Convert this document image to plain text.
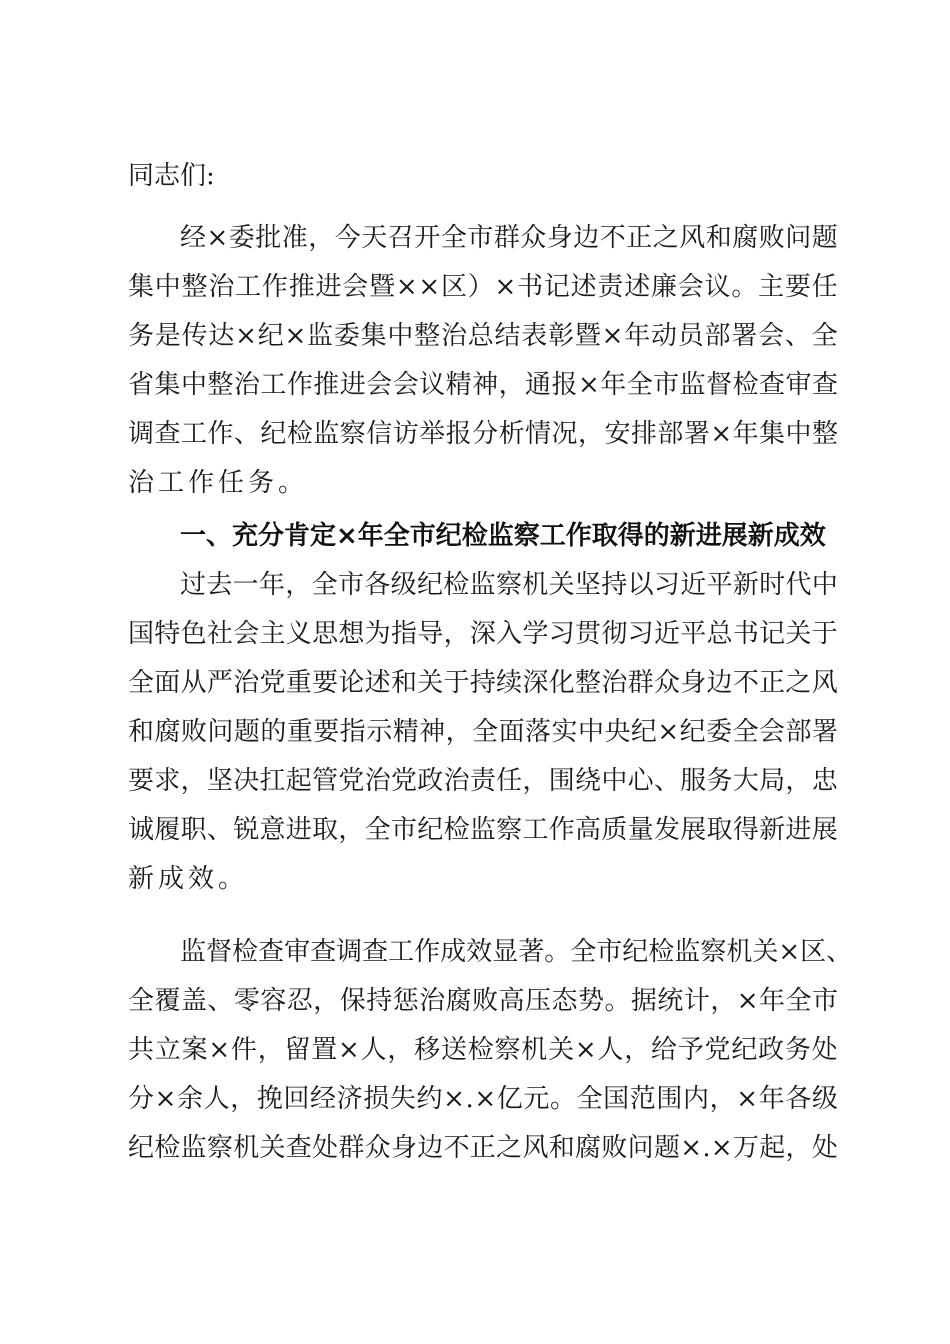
同志们:
经 × 委 批 准 ， 今 天 召 开 全 市 群 众 身 边 不 正 之 风 和 腐 败 问 题
集 中 整 治 工 作 推 进 会 暨 × × 区 ） × 书 记 述 责 述 廉 会 议 。 主 要 任
务 是 传 达 × 纪 × 监 委 集 中 整 治 总 结 表 彰 暨 × 年 动 员 部 署 会 、 全
省 集 中 整 治 工 作 推 进 会 会 议 精 神 ， 通 报 × 年 全 市 监 督 检 查 审 查
调 查 工 作 、 纪 检 监 察 信 访 举 报 分 析 情 况 ， 安 排 部 署 × 年 集 中 整
治工作任务。
一、充分肯定×年全市纪检监察工作取得的新进展新成效
过 去 一 年 ， 全 市 各 级 纪 检 监 察 机 关 坚 持 以 习 近 平 新 时 代 中
国 特 色 社 会 主 义 思 想 为 指 导 ， 深 入 学 习 贯 彻 习 近 平 总 书 记 关 于
全 面 从 严 治 党 重 要 论 述 和 关 于 持 续 深 化 整 治 群 众 身 边 不 正 之 风
和 腐 败 问 题 的 重 要 指 示 精 神 ， 全 面 落 实 中 央 纪 × 纪 委 全 会 部 署
要 求 ， 坚 决 扛 起 管 党 治 党 政 治 责 任 ， 围 绕 中 心 、 服 务 大 局 ， 忠
诚 履 职 、 锐 意 进 取 ， 全 市 纪 检 监 察 工 作 高 质 量 发 展 取 得 新 进 展
新成效。
监 督 检 查 审 查 调 查 工 作 成 效 显 著 。 全 市 纪 检 监 察 机 关 × 区 、
全 覆 盖 、 零 容 忍 ， 保 持 惩 治 腐 败 高 压 态 势 。 据 统 计 ， × 年 全 市
共 立 案 × 件 ， 留 置 × 人 ， 移 送 检 察 机 关 × 人 ， 给 予 党 纪 政 务 处
分 × 余 人 ， 挽 回 经 济 损 失 约 × . × 亿 元 。 全 国 范 围 内 ， × 年 各 级
纪 检 监 察 机 关 查 处 群 众 身 边 不 正 之 风 和 腐 败 问 题 × . × 万 起 ， 处
